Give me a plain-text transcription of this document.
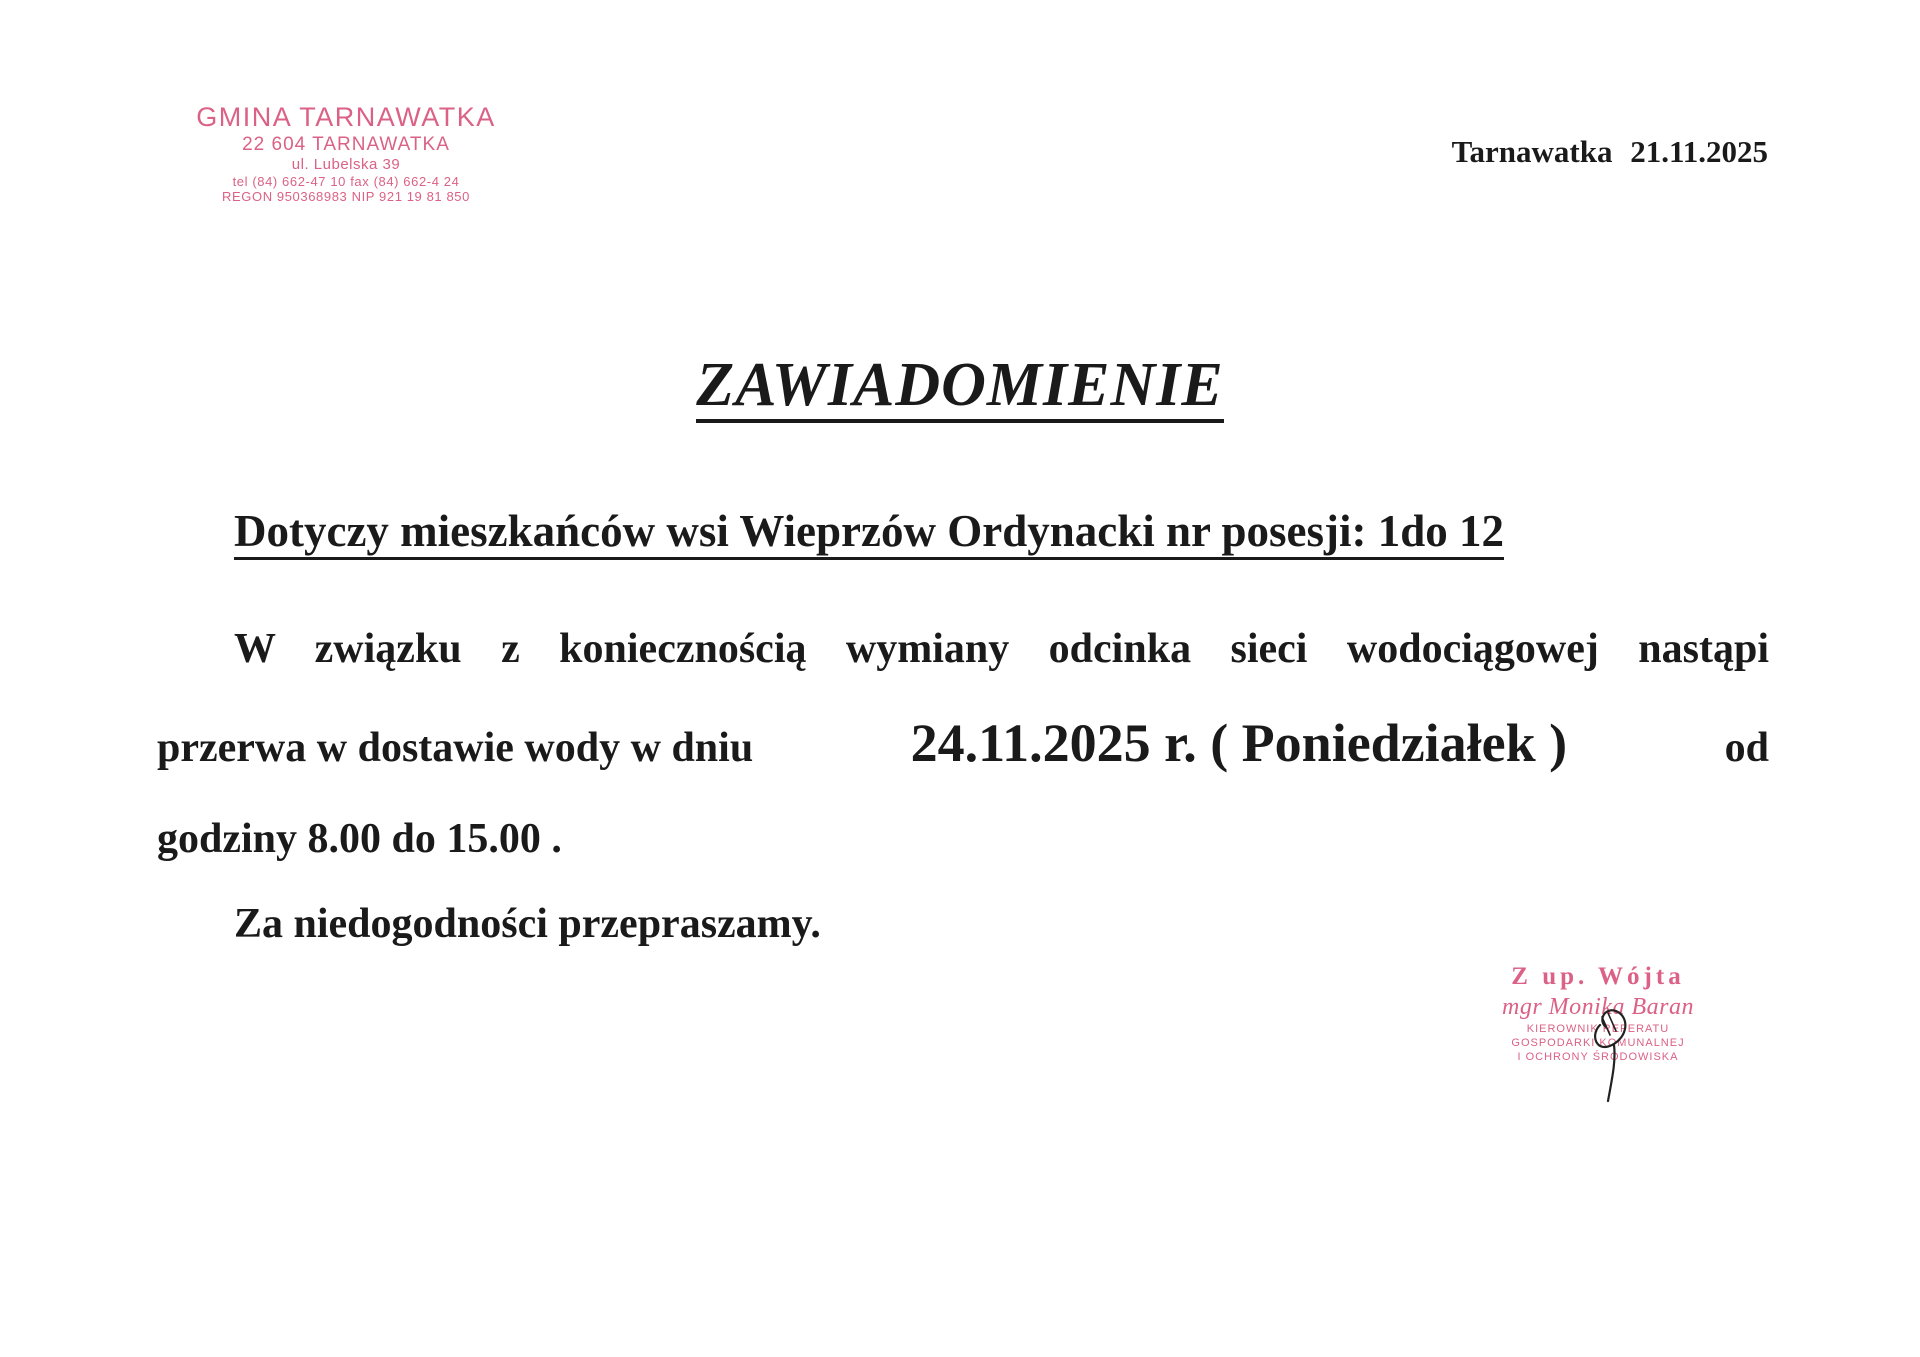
GMINA TARNAWATKA
22 604 TARNAWATKA
ul. Lubelska 39
tel (84) 662-47 10 fax (84) 662-4 24
REGON 950368983 NIP 921 19 81 850
Tarnawatka 21.11.2025
ZAWIADOMIENIE
Dotyczy mieszkańców wsi Wieprzów Ordynacki nr posesji: 1do 12
W związku z koniecznością wymiany odcinka sieci wodociągowej nastąpi
przerwa w dostawie wody w dniu	24.11.2025 r. ( Poniedziałek )	od
godziny 8.00 do 15.00 .
Za niedogodności przepraszamy.
Z up. Wójta
mgr Monika Baran
KIEROWNIK REFERATU
GOSPODARKI KOMUNALNEJ
I OCHRONY ŚRODOWISKA
